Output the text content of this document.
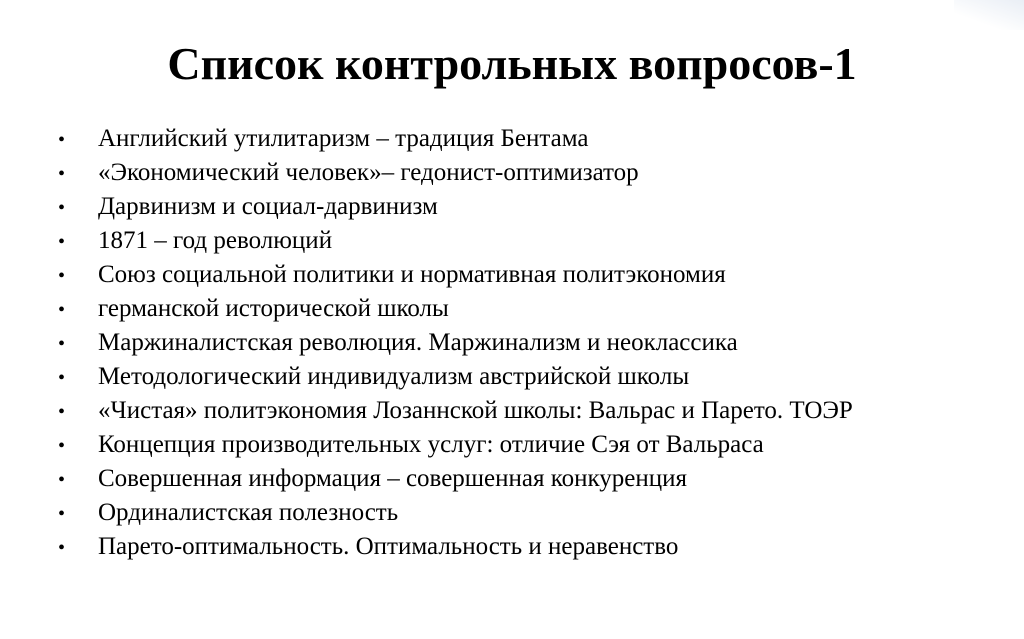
Список контрольных вопросов-1
•	Английский утилитаризм – традиция Бентама
•	«Экономический человек»– гедонист-оптимизатор
•	Дарвинизм и социал-дарвинизм
•	1871 – год революций
•	Союз социальной политики и нормативная политэкономия
•	германской исторической школы
•	Маржиналистская революция. Маржинализм и неоклассика
•	Методологический индивидуализм австрийской школы
•	«Чистая» политэкономия Лозаннской школы: Вальрас и Парето. ТОЭР
•	Концепция производительных услуг: отличие Сэя от Вальраса
•	Совершенная информация – совершенная конкуренция
•	Ординалистская полезность
•	Парето-оптимальность. Оптимальность и неравенство
